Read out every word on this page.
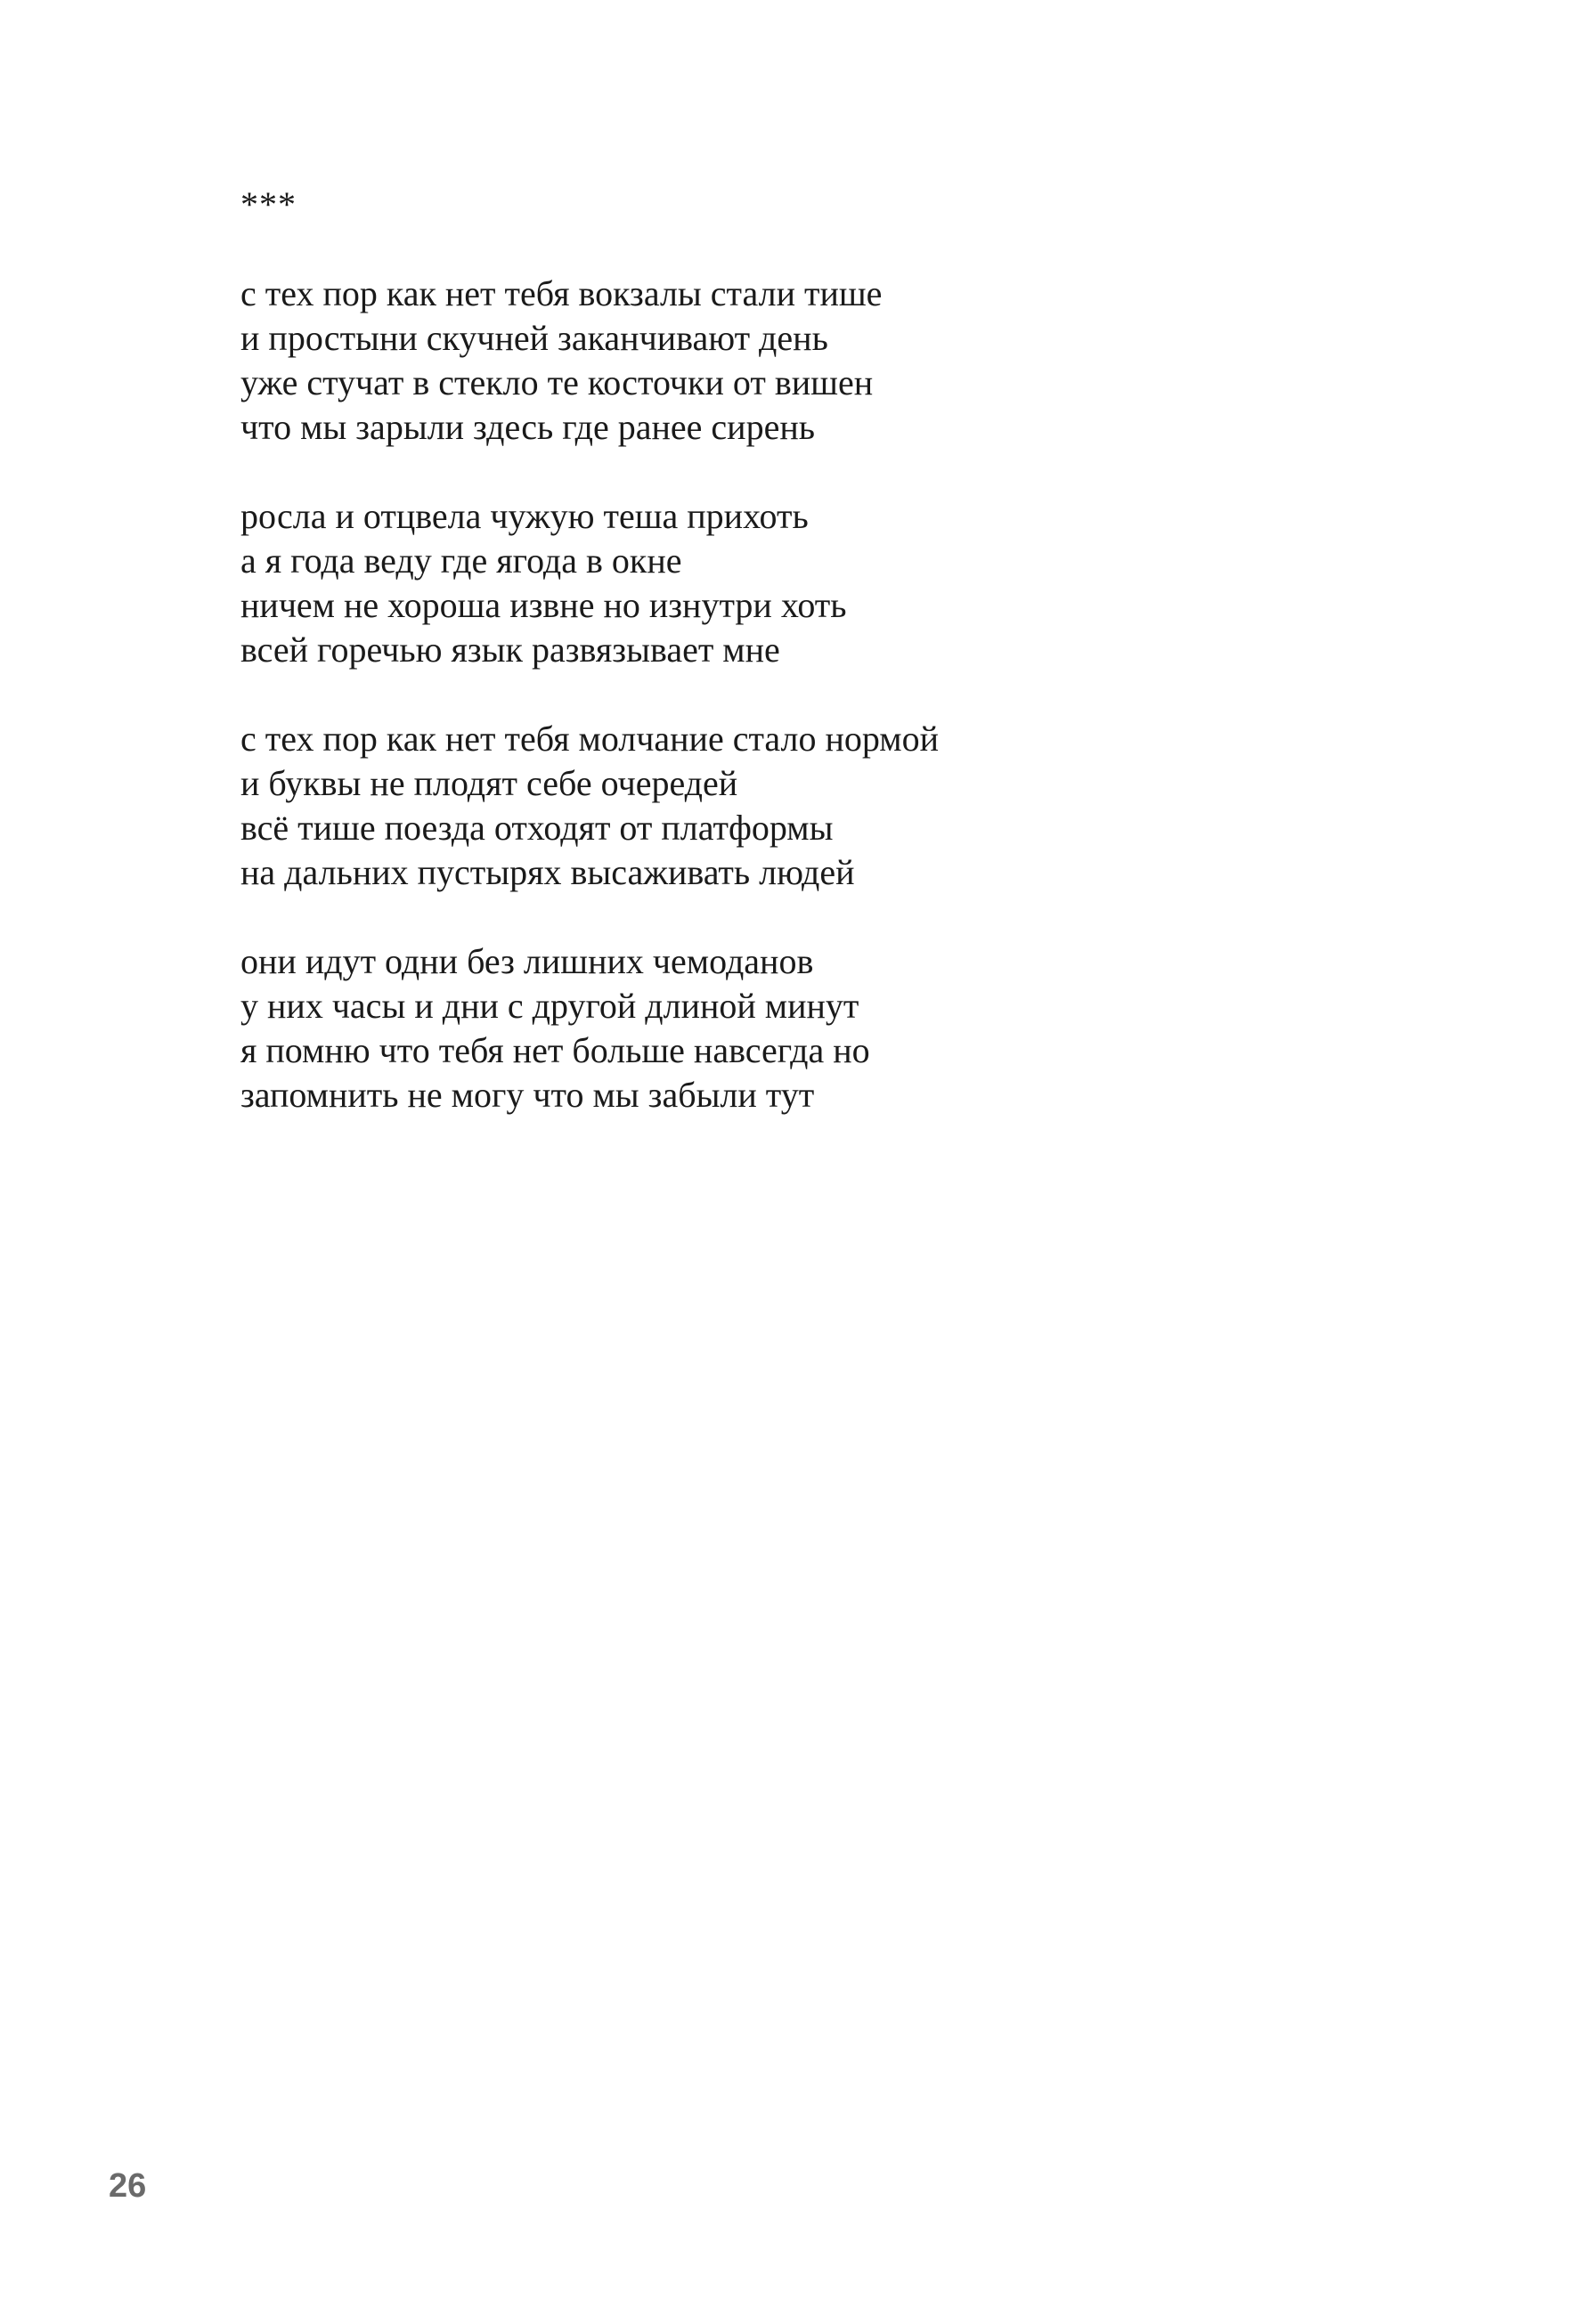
***
с тех пор как нет тебя вокзалы стали тише
и простыни скучней заканчивают день
уже стучат в стекло те косточки от вишен
что мы зарыли здесь где ранее сирень
росла и отцвела чужую теша прихоть
а я года веду где ягода в окне
ничем не хороша извне но изнутри хоть
всей горечью язык развязывает мне
с тех пор как нет тебя молчание стало нормой
и буквы не плодят себе очередей
всё тише поезда отходят от платформы
на дальних пустырях высаживать людей
они идут одни без лишних чемоданов
у них часы и дни с другой длиной минут
я помню что тебя нет больше навсегда но
запомнить не могу что мы забыли тут
26
